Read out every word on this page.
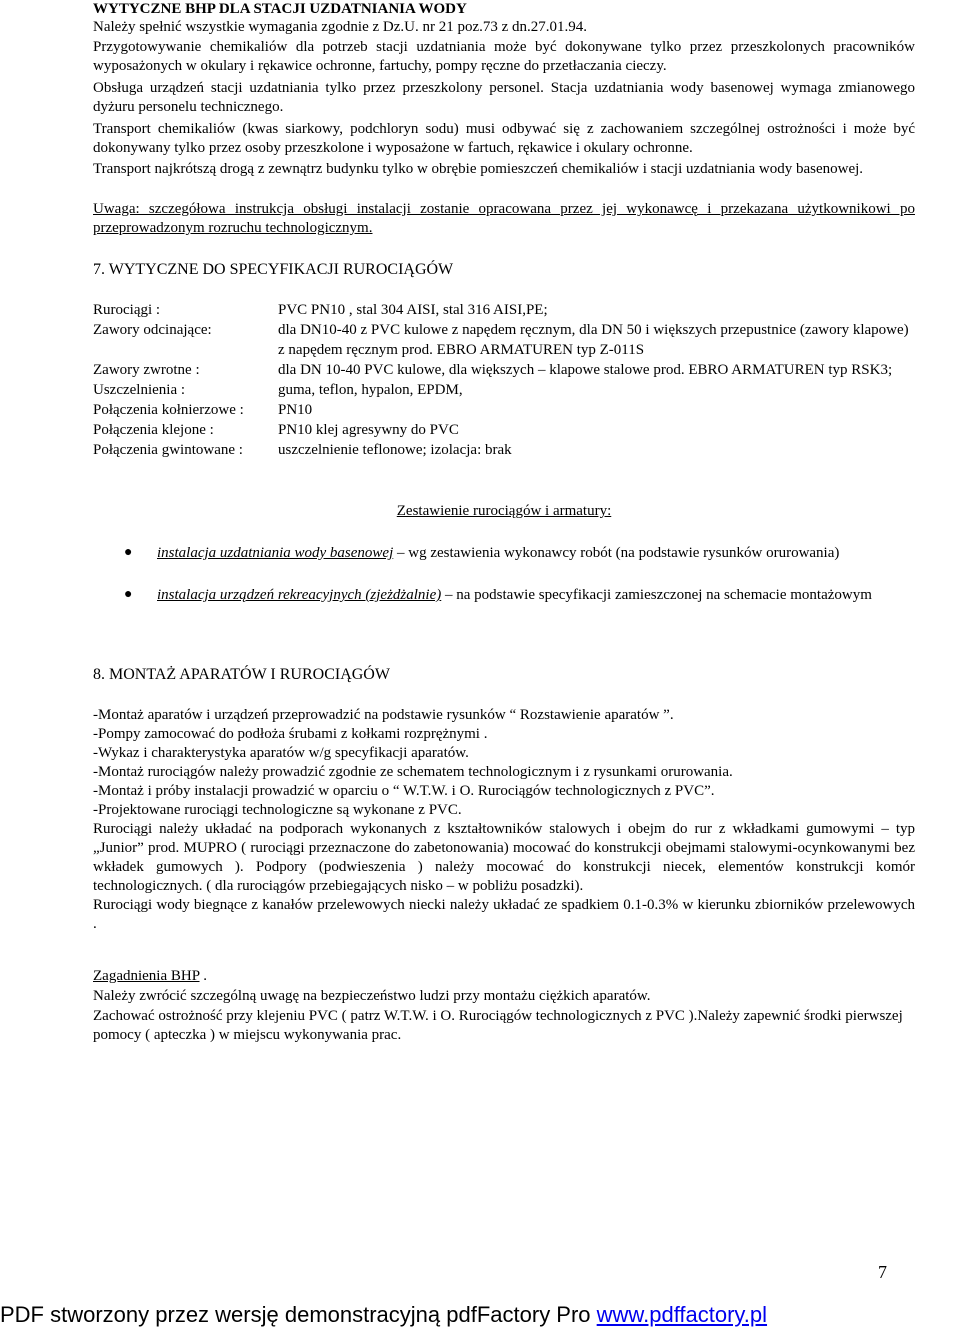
WYTYCZNE BHP DLA STACJI UZDATNIANIA WODY

Należy spełnić wszystkie wymagania zgodnie z Dz.U. nr 21 poz.73 z dn.27.01.94.

Przygotowywanie chemikaliów dla potrzeb stacji uzdatniania może być dokonywane tylko przez przeszkolonych pracowników wyposażonych w okulary i rękawice ochronne, fartuchy, pompy ręczne do przetłaczania cieczy.

Obsługa urządzeń stacji uzdatniania tylko przez przeszkolony personel. Stacja uzdatniania wody basenowej wymaga zmianowego dyżuru personelu technicznego.

Transport chemikaliów (kwas siarkowy, podchloryn sodu) musi odbywać się z zachowaniem szczególnej ostrożności i może być dokonywany tylko przez osoby przeszkolone i wyposażone w fartuch, rękawice i okulary ochronne.

Transport najkrótszą drogą z zewnątrz budynku tylko w obrębie pomieszczeń chemikaliów i stacji uzdatniania wody basenowej.

Uwaga: szczegółowa instrukcja obsługi instalacji zostanie opracowana przez jej wykonawcę i przekazana użytkownikowi po przeprowadzonym rozruchu technologicznym.

7. WYTYCZNE DO SPECYFIKACJI RUROCIĄGÓW

Rurociągi :	PVC PN10 , stal 304 AISI, stal 316 AISI,PE;
Zawory odcinające:	dla DN10-40 z PVC kulowe z napędem ręcznym, dla DN 50 i większych przepustnice (zawory klapowe) z napędem ręcznym prod. EBRO ARMATUREN typ Z-011S
Zawory zwrotne :	dla DN 10-40 PVC kulowe, dla większych – klapowe stalowe prod. EBRO ARMATUREN typ RSK3;
Uszczelnienia :	guma, teflon, hypalon, EPDM,
Połączenia kołnierzowe :	PN10
Połączenia klejone :	PN10 klej agresywny do PVC
Połączenia gwintowane :	uszczelnienie teflonowe; izolacja: brak

Zestawienie rurociągów i armatury:

● instalacja uzdatniania wody basenowej – wg zestawienia wykonawcy robót (na podstawie rysunków orurowania)
● instalacja urządzeń rekreacyjnych (zjeżdżalnie) – na podstawie specyfikacji zamieszczonej na schemacie montażowym

8. MONTAŻ APARATÓW I RUROCIĄGÓW

-Montaż aparatów i urządzeń przeprowadzić na podstawie rysunków “ Rozstawienie aparatów ”.

-Pompy zamocować do podłoża śrubami z kołkami rozprężnymi .

-Wykaz i charakterystyka aparatów w/g specyfikacji aparatów.

-Montaż rurociągów należy prowadzić zgodnie ze schematem technologicznym i z rysunkami orurowania.

-Montaż i próby instalacji prowadzić w oparciu o “ W.T.W. i O. Rurociągów technologicznych z PVC”.

-Projektowane rurociągi technologiczne są wykonane z PVC.

Rurociągi należy układać na podporach wykonanych z kształtowników stalowych i obejm do rur z wkładkami gumowymi – typ „Junior” prod. MUPRO ( rurociągi przeznaczone do zabetonowania) mocować do konstrukcji obejmami stalowymi-ocynkowanymi bez wkładek gumowych ). Podpory (podwieszenia ) należy mocować do konstrukcji niecek, elementów konstrukcji komór technologicznych. ( dla rurociągów przebiegających nisko – w pobliżu posadzki).

Rurociągi wody biegnące z kanałów przelewowych niecki należy układać ze spadkiem 0.1-0.3% w kierunku zbiorników przelewowych .

Zagadnienia BHP .

Należy zwrócić szczególną uwagę na bezpieczeństwo ludzi przy montażu ciężkich aparatów.

Zachować ostrożność przy klejeniu PVC ( patrz W.T.W. i O. Rurociągów technologicznych z PVC ).Należy zapewnić środki pierwszej pomocy ( apteczka ) w miejscu wykonywania prac.

7
PDF stworzony przez wersję demonstracyjną pdfFactory Pro www.pdffactory.pl
